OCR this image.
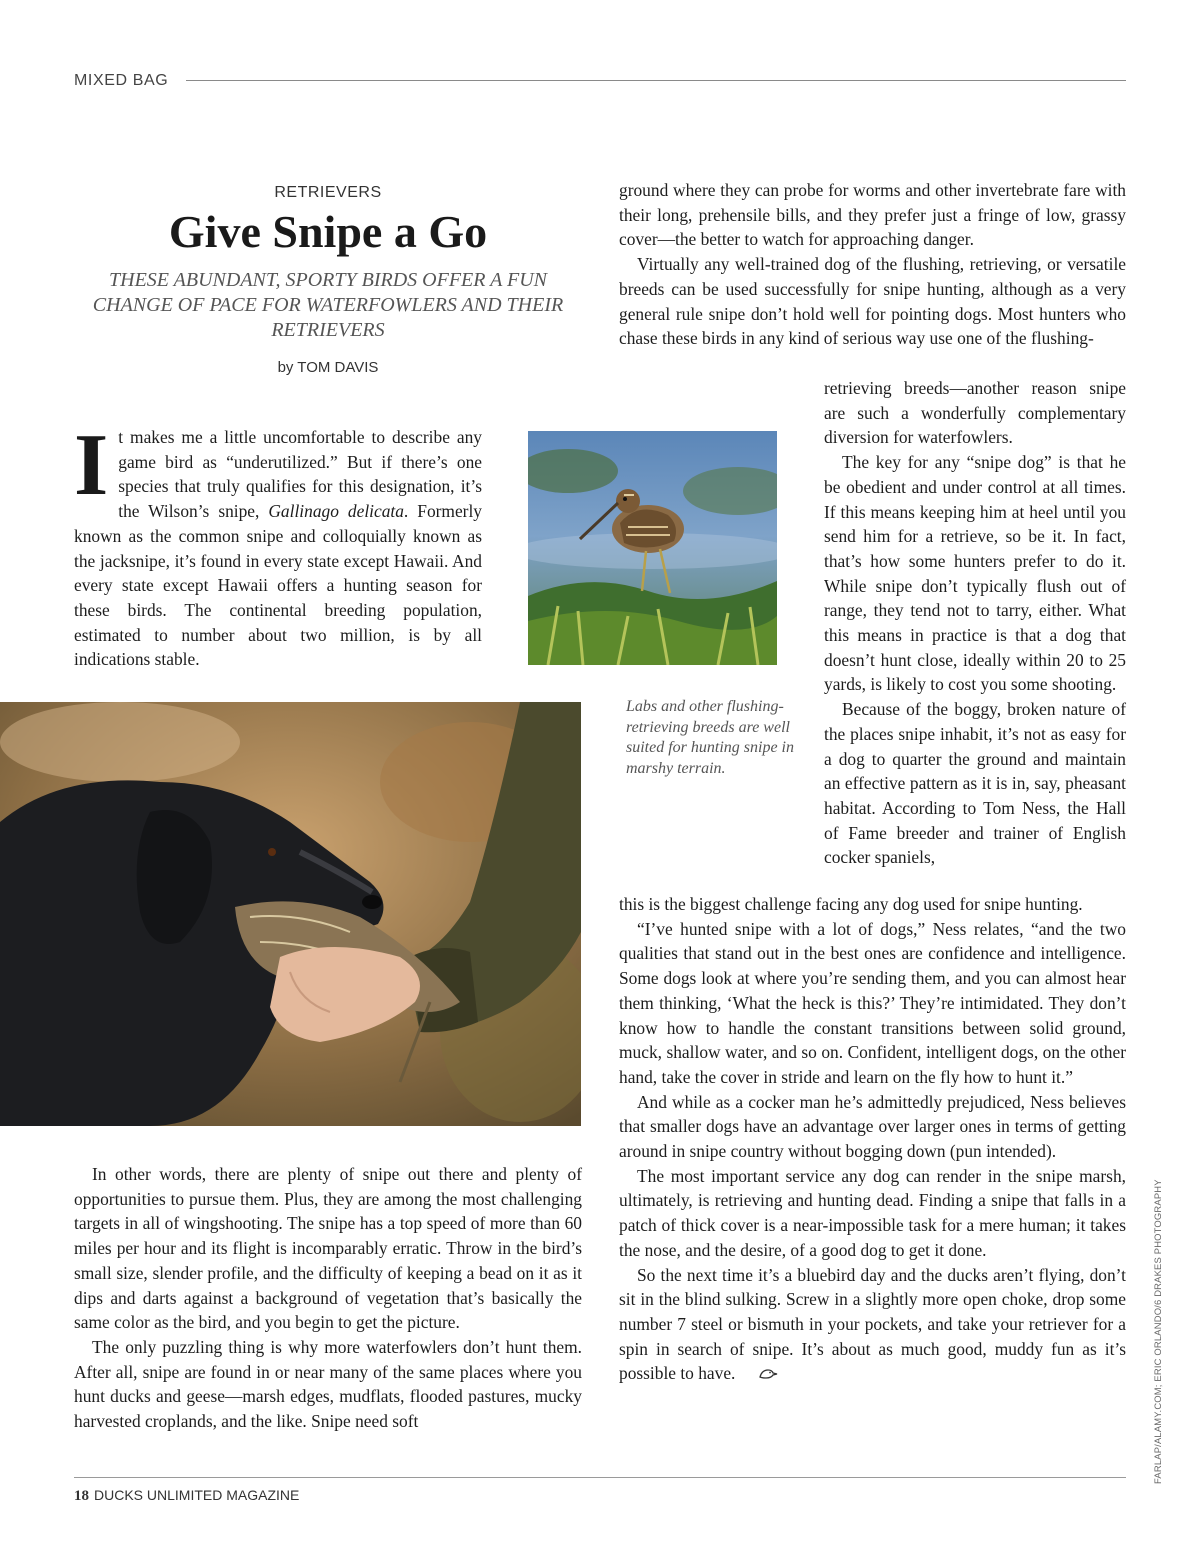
MIXED BAG
RETRIEVERS
Give Snipe a Go
THESE ABUNDANT, SPORTY BIRDS OFFER A FUN CHANGE OF PACE FOR WATERFOWLERS AND THEIR RETRIEVERS
by TOM DAVIS
I t makes me a little uncomfortable to describe any game bird as “underutilized.” But if there’s one species that truly qualifies for this designation, it’s the Wilson’s snipe, Gallinago delicata. Formerly known as the common snipe and colloquially known as the jacksnipe, it’s found in every state except Hawaii. And every state except Hawaii offers a hunting season for these birds. The continental breeding population, estimated to number about two million, is by all indications stable.

Labs and other flushing-retrieving breeds are well suited for hunting snipe in marshy terrain.

In other words, there are plenty of snipe out there and plenty of opportunities to pursue them. Plus, they are among the most challenging targets in all of wingshooting. The snipe has a top speed of more than 60 miles per hour and its flight is incomparably erratic. Throw in the bird’s small size, slender profile, and the difficulty of keeping a bead on it as it dips and darts against a background of vegetation that’s basically the same color as the bird, and you begin to get the picture.

The only puzzling thing is why more waterfowlers don’t hunt them. After all, snipe are found in or near many of the same places where you hunt ducks and geese—marsh edges, mudflats, flooded pastures, mucky harvested croplands, and the like. Snipe need soft

ground where they can probe for worms and other invertebrate fare with their long, prehensile bills, and they prefer just a fringe of low, grassy cover—the better to watch for approaching danger.

Virtually any well-trained dog of the flushing, retrieving, or versatile breeds can be used successfully for snipe hunting, although as a very general rule snipe don’t hold well for pointing dogs. Most hunters who chase these birds in any kind of serious way use one of the flushing-

retrieving breeds—another reason snipe are such a wonderfully complementary diversion for waterfowlers.

The key for any “snipe dog” is that he be obedient and under control at all times. If this means keeping him at heel until you send him for a retrieve, so be it. In fact, that’s how some hunters prefer to do it. While snipe don’t typically flush out of range, they tend not to tarry, either. What this means in practice is that a dog that doesn’t hunt close, ideally within 20 to 25 yards, is likely to cost you some shooting.

Because of the boggy, broken nature of the places snipe inhabit, it’s not as easy for a dog to quarter the ground and maintain an effective pattern as it is in, say, pheasant habitat. According to Tom Ness, the Hall of Fame breeder and trainer of English cocker spaniels,

this is the biggest challenge facing any dog used for snipe hunting.

“I’ve hunted snipe with a lot of dogs,” Ness relates, “and the two qualities that stand out in the best ones are confidence and intelligence. Some dogs look at where you’re sending them, and you can almost hear them thinking, ‘What the heck is this?’ They’re intimidated. They don’t know how to handle the constant transitions between solid ground, muck, shallow water, and so on. Confident, intelligent dogs, on the other hand, take the cover in stride and learn on the fly how to hunt it.”

And while as a cocker man he’s admittedly prejudiced, Ness believes that smaller dogs have an advantage over larger ones in terms of getting around in snipe country without bogging down (pun intended).

The most important service any dog can render in the snipe marsh, ultimately, is retrieving and hunting dead. Finding a snipe that falls in a patch of thick cover is a near-impossible task for a mere human; it takes the nose, and the desire, of a good dog to get it done.

So the next time it’s a bluebird day and the ducks aren’t flying, don’t sit in the blind sulking. Screw in a slightly more open choke, drop some number 7 steel or bismuth in your pockets, and take your retriever for a spin in search of snipe. It’s about as much good, muddy fun as it’s possible to have.	FARLAP/ALAMY.COM; ERIC ORLANDO/6 DRAKES PHOTOGRAPHY
18 DUCKS UNLIMITED MAGAZINE
